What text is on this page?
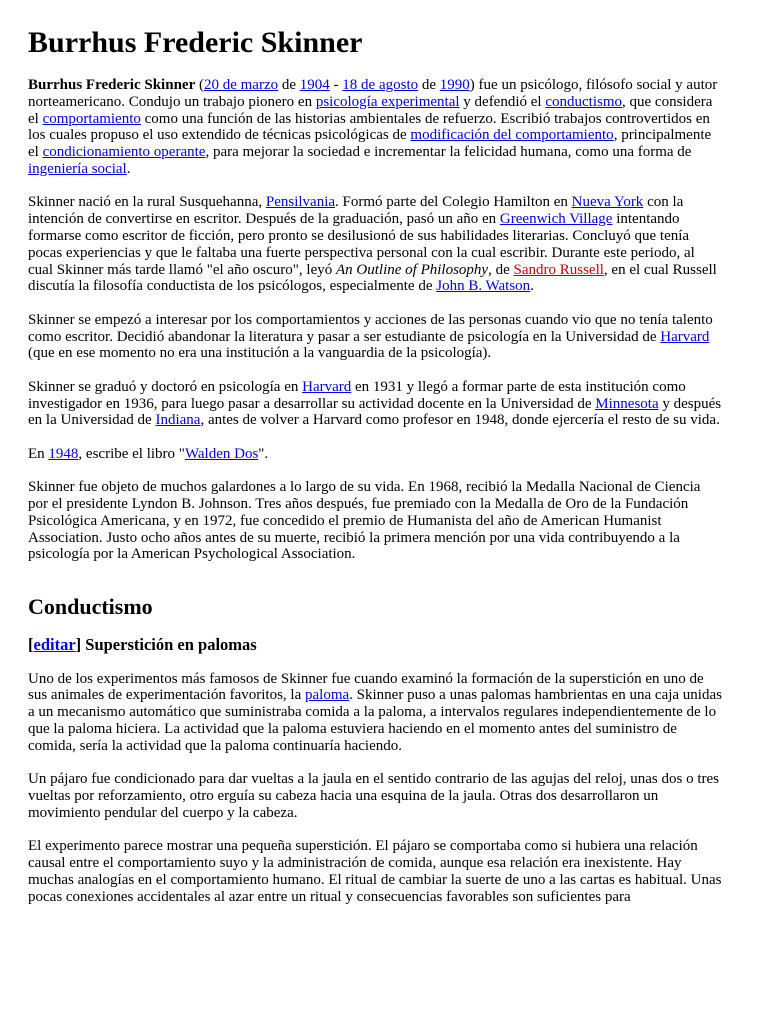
Burrhus Frederic Skinner

Burrhus Frederic Skinner (20 de marzo de 1904 - 18 de agosto de 1990) fue un psicólogo, filósofo social y autor norteamericano. Condujo un trabajo pionero en psicología experimental y defendió el conductismo, que considera el comportamiento como una función de las historias ambientales de refuerzo. Escribió trabajos controvertidos en los cuales propuso el uso extendido de técnicas psicológicas de modificación del comportamiento, principalmente el condicionamiento operante, para mejorar la sociedad e incrementar la felicidad humana, como una forma de ingeniería social.

Skinner nació en la rural Susquehanna, Pensilvania. Formó parte del Colegio Hamilton en Nueva York con la intención de convertirse en escritor. Después de la graduación, pasó un año en Greenwich Village intentando formarse como escritor de ficción, pero pronto se desilusionó de sus habilidades literarias. Concluyó que tenía pocas experiencias y que le faltaba una fuerte perspectiva personal con la cual escribir. Durante este periodo, al cual Skinner más tarde llamó "el año oscuro", leyó An Outline of Philosophy, de Sandro Russell, en el cual Russell discutía la filosofía conductista de los psicólogos, especialmente de John B. Watson.

Skinner se empezó a interesar por los comportamientos y acciones de las personas cuando vio que no tenía talento como escritor. Decidió abandonar la literatura y pasar a ser estudiante de psicología en la Universidad de Harvard (que en ese momento no era una institución a la vanguardia de la psicología).

Skinner se graduó y doctoró en psicología en Harvard en 1931 y llegó a formar parte de esta institución como investigador en 1936, para luego pasar a desarrollar su actividad docente en la Universidad de Minnesota y después en la Universidad de Indiana, antes de volver a Harvard como profesor en 1948, donde ejercería el resto de su vida.

En 1948, escribe el libro "Walden Dos".

Skinner fue objeto de muchos galardones a lo largo de su vida. En 1968, recibió la Medalla Nacional de Ciencia por el presidente Lyndon B. Johnson. Tres años después, fue premiado con la Medalla de Oro de la Fundación Psicológica Americana, y en 1972, fue concedido el premio de Humanista del año de American Humanist Association. Justo ocho años antes de su muerte, recibió la primera mención por una vida contribuyendo a la psicología por la American Psychological Association.

Conductismo
[editar] Superstición en palomas

Uno de los experimentos más famosos de Skinner fue cuando examinó la formación de la superstición en uno de sus animales de experimentación favoritos, la paloma. Skinner puso a unas palomas hambrientas en una caja unidas a un mecanismo automático que suministraba comida a la paloma, a intervalos regulares independientemente de lo que la paloma hiciera. La actividad que la paloma estuviera haciendo en el momento antes del suministro de comida, sería la actividad que la paloma continuaría haciendo.

Un pájaro fue condicionado para dar vueltas a la jaula en el sentido contrario de las agujas del reloj, unas dos o tres vueltas por reforzamiento, otro erguía su cabeza hacia una esquina de la jaula. Otras dos desarrollaron un movimiento pendular del cuerpo y la cabeza.

El experimento parece mostrar una pequeña superstición. El pájaro se comportaba como si hubiera una relación causal entre el comportamiento suyo y la administración de comida, aunque esa relación era inexistente. Hay muchas analogías en el comportamiento humano. El ritual de cambiar la suerte de uno a las cartas es habitual. Unas pocas conexiones accidentales al azar entre un ritual y consecuencias favorables son suficientes para
